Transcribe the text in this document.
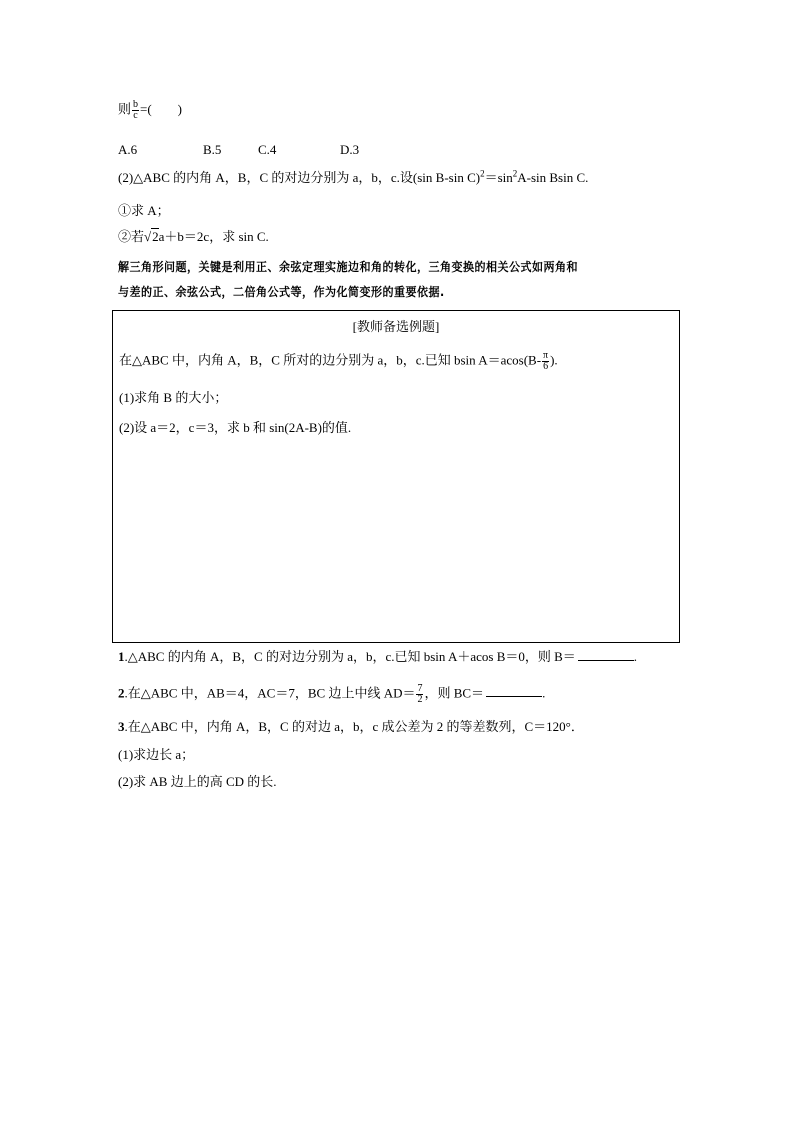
则 $\frac{b}{c}$ =(　　)
A.6	B.5	C.4	D.3
(2)△ABC 的内角 A，B，C 的对边分别为 a，b，c.设(sin B-sin $C)^2=\sin^2A-\sin$ Bsin C.
①求 A；
②若√2a＋b＝2c，求 sin C.
解三角形问题，关键是利用正、余弦定理实施边和角的转化，三角变换的相关公式如两角和
与差的正、余弦公式，二倍角公式等，作为化简变形的重要依据.
[教师备选例题]
在△ABC 中，内角 A，B，C 所对的边分别为 a，b，c.已知 bsin $A=acos(B- \frac{\pi}{6}$ ).
(1)求角 B 的大小；
(2)设 a＝2，c＝3，求 b 和 sin(2A-B)的值.
1.△ABC 的内角 A，B，C 的对边分别为 a，b，c.已知 bsin A＋acos B＝0，则 B＝	.
2.在△ABC 中，AB＝4，AC＝7，BC 边上中线 $AD= \frac{7}{2}$ ，则 BC＝	.
3.在△ABC 中，内角 A，B，C 的对边 a，b，c 成公差为 2 的等差数列，C＝120°．
(1)求边长 a；
(2)求 AB 边上的高 CD 的长.
